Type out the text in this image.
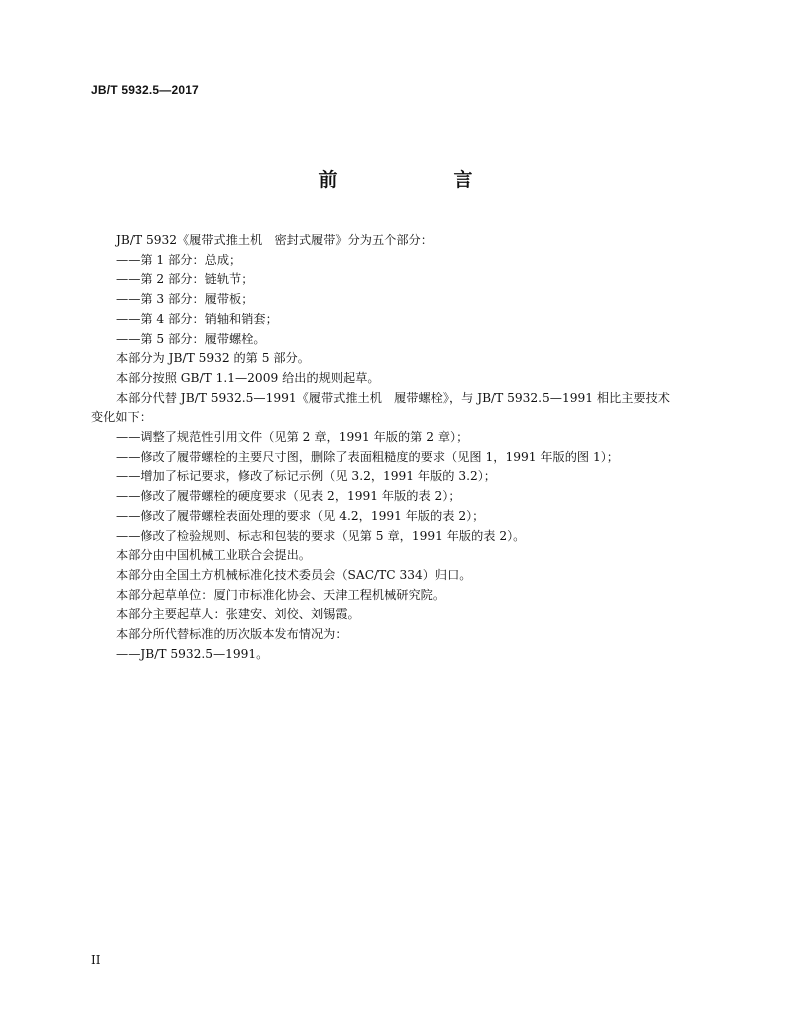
JB/T 5932.5—2017
前　　言

JB/T 5932《履带式推土机　密封式履带》分为五个部分：

——第 1 部分：总成；

——第 2 部分：链轨节；

——第 3 部分：履带板；

——第 4 部分：销轴和销套；

——第 5 部分：履带螺栓。

本部分为 JB/T 5932 的第 5 部分。

本部分按照 GB/T 1.1—2009 给出的规则起草。

本部分代替 JB/T 5932.5—1991《履带式推土机　履带螺栓》，与 JB/T 5932.5—1991 相比主要技术

变化如下：

——调整了规范性引用文件（见第 2 章，1991 年版的第 2 章）；

——修改了履带螺栓的主要尺寸图，删除了表面粗糙度的要求（见图 1，1991 年版的图 1）；

——增加了标记要求，修改了标记示例（见 3.2，1991 年版的 3.2）；

——修改了履带螺栓的硬度要求（见表 2，1991 年版的表 2）；

——修改了履带螺栓表面处理的要求（见 4.2，1991 年版的表 2）；

——修改了检验规则、标志和包装的要求（见第 5 章，1991 年版的表 2）。

本部分由中国机械工业联合会提出。

本部分由全国土方机械标准化技术委员会（SAC/TC 334）归口。

本部分起草单位：厦门市标准化协会、天津工程机械研究院。

本部分主要起草人：张建安、刘佼、刘锡霞。

本部分所代替标准的历次版本发布情况为：

——JB/T 5932.5—1991。

II
